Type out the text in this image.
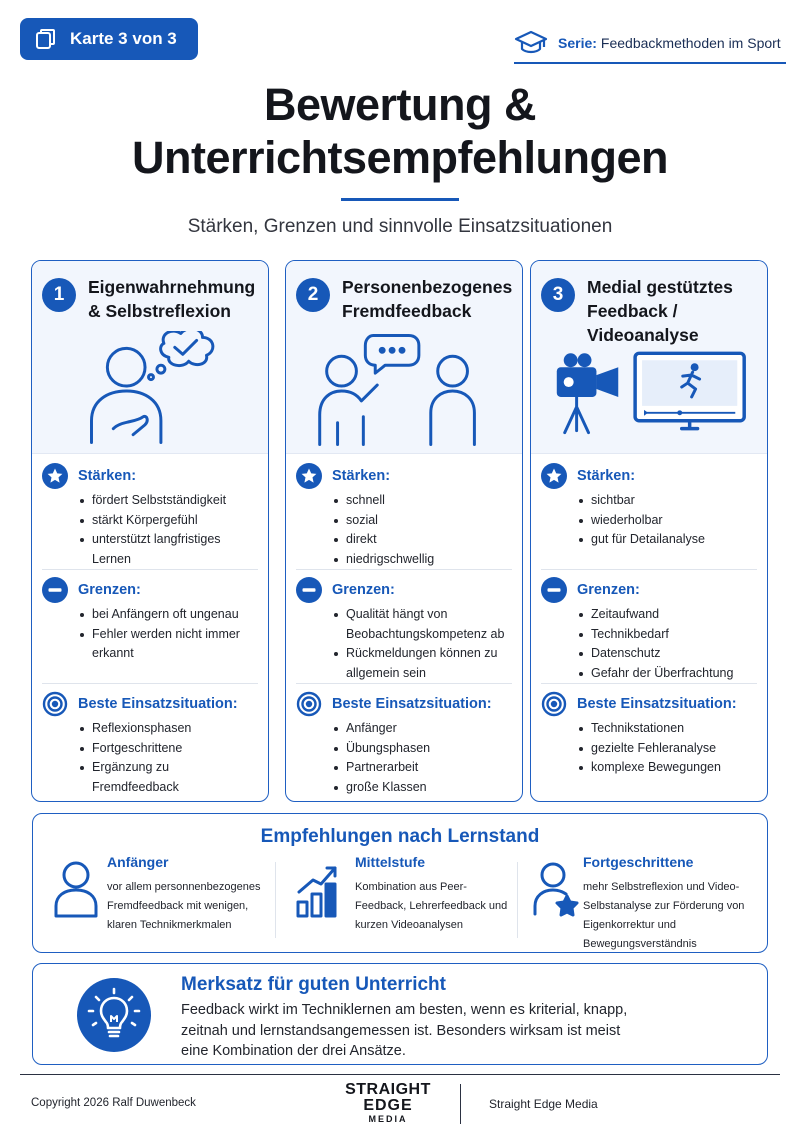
Karte 3 von 3	Serie: Feedbackmethoden im Sport
Bewertung &
Unterrichtsempfehlungen
Stärken, Grenzen und sinnvolle Einsatzsituationen
1	Eigenwahrnehmung & Selbstreflexion
Stärken:
fördert Selbstständigkeit
stärkt Körpergefühl
unterstützt langfristiges Lernen
Grenzen:
bei Anfängern oft ungenau
Fehler werden nicht immer erkannt
Beste Einsatzsituation:
Reflexionsphasen
Fortgeschrittene
Ergänzung zu Fremdfeedback
2	Personenbezogenes Fremdfeedback
Stärken:
schnell
sozial
direkt
niedrigschwellig
Grenzen:
Qualität hängt von Beobachtungskompetenz ab
Rückmeldungen können zu allgemein sein
Beste Einsatzsituation:
Anfänger
Übungsphasen
Partnerarbeit
große Klassen
3	Medial gestütztes Feedback / Videoanalyse
Stärken:
sichtbar
wiederholbar
gut für Detailanalyse
Grenzen:
Zeitaufwand
Technikbedarf
Datenschutz
Gefahr der Überfrachtung
Beste Einsatzsituation:
Technikstationen
gezielte Fehleranalyse
komplexe Bewegungen
Empfehlungen nach Lernstand
Anfänger
vor allem personnenbezogenes Fremdfeedback mit wenigen, klaren Technikmerkmalen
Mittelstufe
Kombination aus Peer-Feedback, Lehrerfeedback und kurzen Videoanalysen
Fortgeschrittene
mehr Selbstreflexion und Video-Selbstanalyse zur Förderung von Eigenkorrektur und Bewegungsverständnis
Merksatz für guten Unterricht
Feedback wirkt im Techniklernen am besten, wenn es kriterial, knapp, zeitnah und lernstandsangemessen ist. Besonders wirksam ist meist eine Kombination der drei Ansätze.
Copyright 2026 Ralf Duwenbeck
STRAIGHT
EDGE
MEDIA
Straight Edge Media
